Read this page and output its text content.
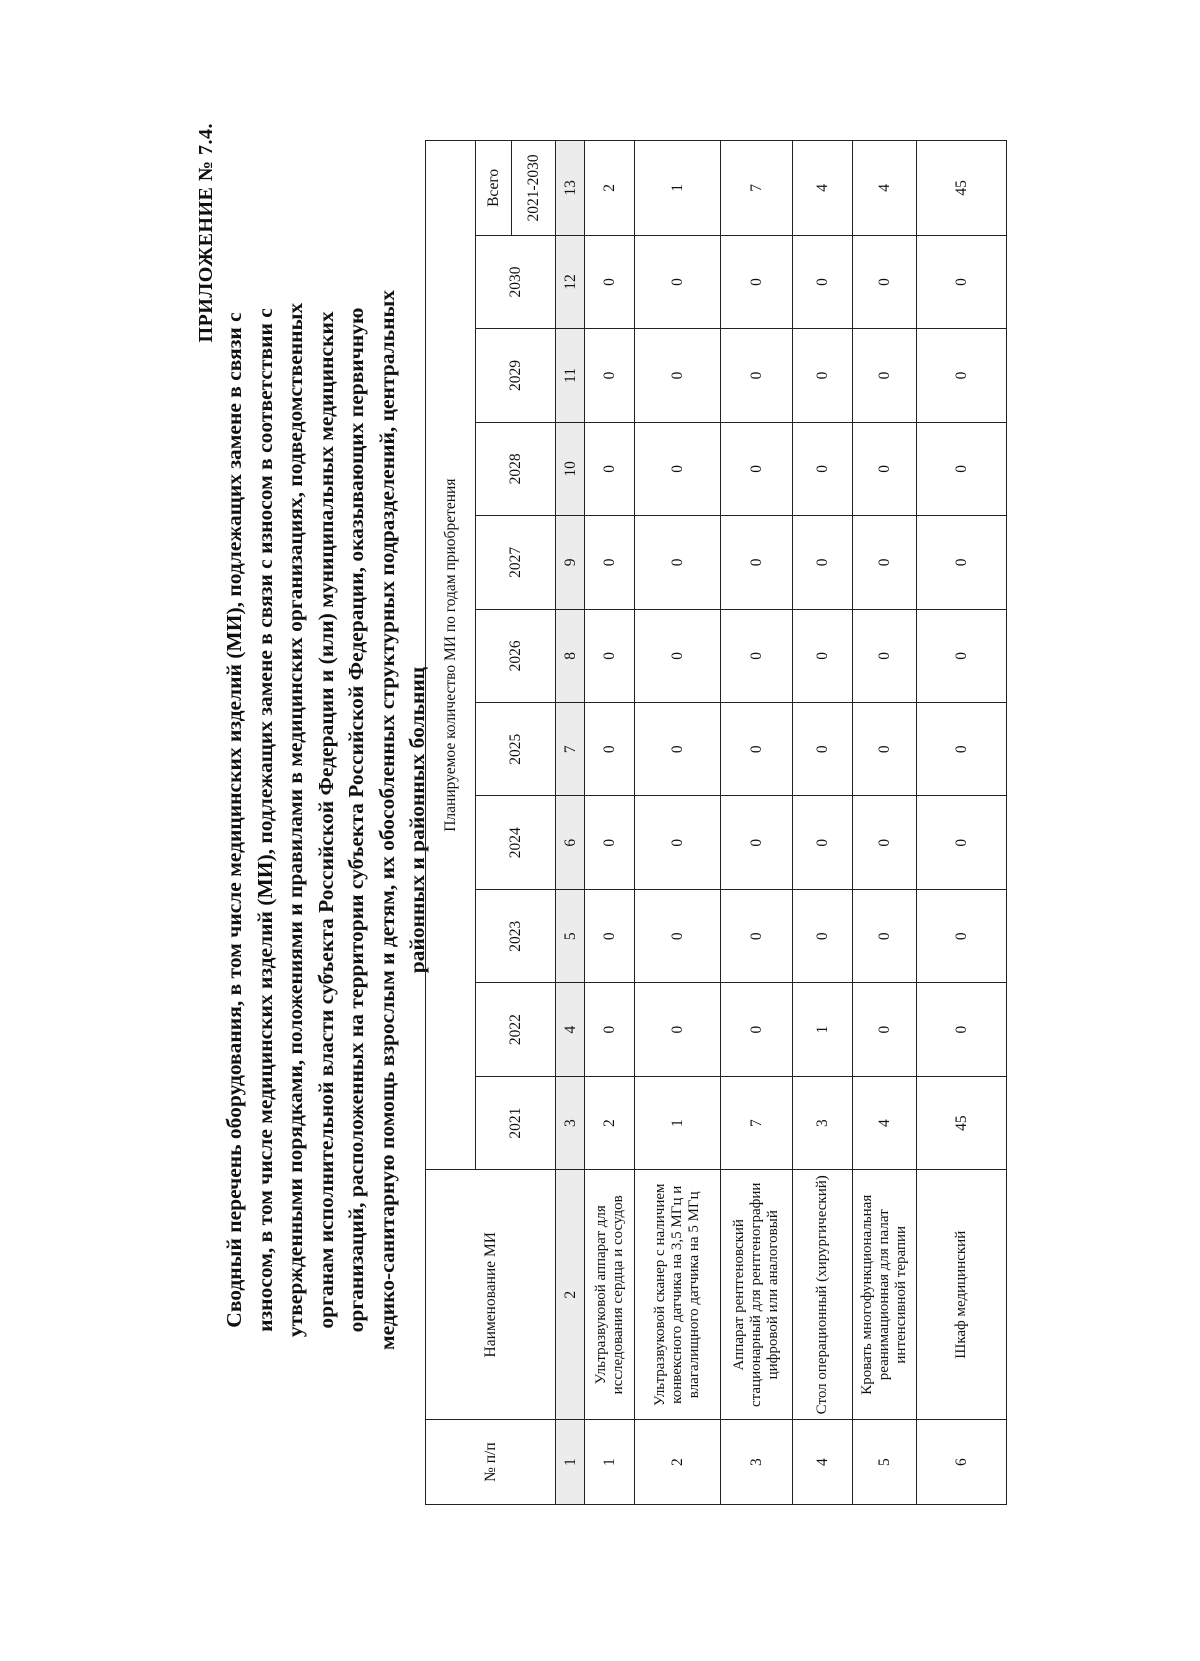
ПРИЛОЖЕНИЕ № 7.4.
Сводный перечень оборудования, в том числе медицинских изделий (МИ), подлежащих замене в связи с износом, в том числе медицинских изделий (МИ), подлежащих замене в связи с износом в соответствии с утвержденными порядками, положениями и правилами в медицинских организациях, подведомственных органам исполнительной власти субъекта Российской Федерации и (или) муниципальных медицинских организаций, расположенных на территории субъекта Российской Федерации, оказывающих первичную медико-санитарную помощь взрослым и детям, их обособленных структурных подразделений, центральных районных и районных больниц
№ п/п	Наименование МИ	Планируемое количество МИ по годам приобретения										
		2021	2022	2023	2024	2025	2026	2027	2028	2029	2030	Всего
												2021-2030
1	2	3	4	5	6	7	8	9	10	11	12	13
1	Ультразвуковой аппарат для исследования сердца и сосудов	2	0	0	0	0	0	0	0	0	0	2
2	Ультразвуковой сканер с наличием конвексного датчика на 3,5 МГц и влагалищного датчика на 5 МГц	1	0	0	0	0	0	0	0	0	0	1
3	Аппарат рентгеновский стационарный для рентгенографии цифровой или аналоговый	7	0	0	0	0	0	0	0	0	0	7
4	Стол операционный (хирургический)	3	1	0	0	0	0	0	0	0	0	4
5	Кровать многофункциональная реанимационная для палат интенсивной терапии	4	0	0	0	0	0	0	0	0	0	4
6	Шкаф медицинский	45	0	0	0	0	0	0	0	0	0	45
